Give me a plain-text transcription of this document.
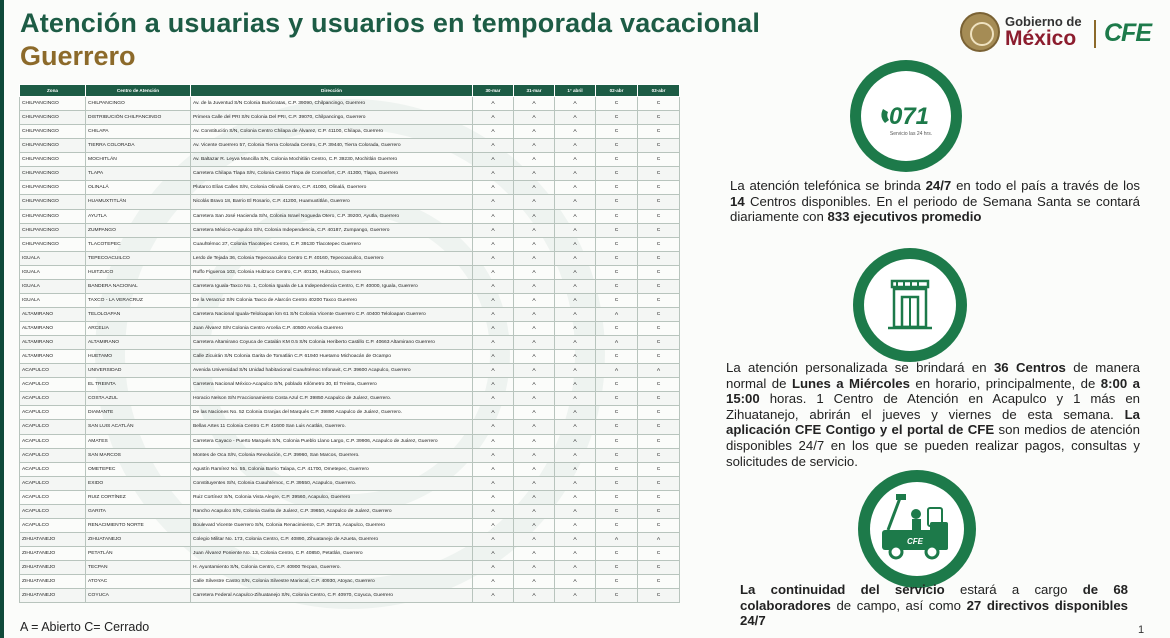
Atención a usuarias y usuarios en temporada vacacional
Guerrero
Gobierno de
México CFE
Zona	Centro de Atención	Dirección	30-mar	31-mar	1° abril	02-abr	03-abr
CHILPANCINGO	CHILPANCINGO	Av. de la Juventud S/N Colonia Burócratas, C.P. 39090, Chilpancingo, Guerrero	A	A	A	C	C
CHILPANCINGO	DISTRIBUCIÓN CHILPANCINGO	Primera Calle del PRI S/N Colonia Del PRI, C.P. 39070, Chilpancingo, Guerrero	A	A	A	C	C
CHILPANCINGO	CHILAPA	Av. Constitución S/N, Colonia Centro Chilapa de Álvarez, C.P. 41100, Chilapa, Guerrero	A	A	A	C	C
CHILPANCINGO	TIERRA COLORADA	Av. Vicente Guerrero 57, Colonia Tierra Colorada Centro, C.P. 39440, Tierra Colorada, Guerrero	A	A	A	C	C
CHILPANCINGO	MOCHITLÁN	Av. Baltazar R. Leyva Mancilla S/N, Colonia Mochitlán Centro, C.P. 39230, Mochitlán Guerrero	A	A	A	C	C
CHILPANCINGO	TLAPA	Carretera Chilapa Tlapa S/N, Colonia Centro Tlapa de Comonfort, C.P. 41300, Tlapa, Guerrero	A	A	A	C	C
CHILPANCINGO	OLINALÁ	Plutarco Elías Calles S/N, Colonia Olinalá Centro, C.P. 41000, Olinalá, Guerrero	A	A	A	C	C
CHILPANCINGO	HUAMUXTITLÁN	Nicolás Bravo 18, Barrio El Rosario, C.P. 41200, Huamuxtitlán, Guerrero	A	A	A	C	C
CHILPANCINGO	AYUTLA	Carretera San José Hacienda S/N, Colonia Israel Nogueda Otero, C.P. 39200, Ayutla, Guerrero	A	A	A	C	C
CHILPANCINGO	ZUMPANGO	Carretera México-Acapulco S/N, Colonia Independencia, C.P. 40187, Zumpango, Guerrero	A	A	A	C	C
CHILPANCINGO	TLACOTEPEC	Cuauhtémoc 27, Colonia Tlacotepec Centro, C.P. 39130 Tlacotepec Guerrero	A	A	A	C	C
IGUALA	TEPECOACUILCO	Lerdo de Tejada 36, Colonia Tepecoacuilco Centro C.P. 40160, Tepecoacuilco, Guerrero	A	A	A	C	C
IGUALA	HUITZUCO	Ruffo Figueroa 103, Colonia Huitzuco Centro, C.P. 40130, Huitzuco, Guerrero	A	A	A	C	C
IGUALA	BANDERA NACIONAL	Carretera Iguala-Taxco No. 1, Colonia Iguala de La Independencia Centro, C.P. 40000, Iguala, Guerrero	A	A	A	C	C
IGUALA	TAXCO - LA VERACRUZ	De la Veracruz S/N Colonia Taxco de Alarcón Centro 40200 Taxco Guerrero	A	A	A	C	C
ALTAMIRANO	TELOLOAPAN	Carretera Nacional Iguala-Teloloapan km 61 S/N Colonia Vicente Guerrero C.P. 40400 Teloloapan Guerrero	A	A	A	A	C
ALTAMIRANO	ARCELIA	Juan Álvarez S/N Colonia Centro Arcelia C.P. 40500 Arcelia Guerrero	A	A	A	C	C
ALTAMIRANO	ALTAMIRANO	Carretera Altamirano Coyuca de Catalán KM 0.5 S/N Colonia Heriberto Castillo C.P. 40663 Altamirano Guerrero	A	A	A	A	C
ALTAMIRANO	HUETAMO	Calle Zicuirán S/N Colonia Garita de Tomatlán C.P. 61940 Huetamo Michoacán de Ocampo	A	A	A	C	C
ACAPULCO	UNIVERSIDAD	Avenida Universidad S/N Unidad habitacional Cuauhtémoc Infonavit, C.P. 39600 Acapulco, Guerrero	A	A	A	A	A
ACAPULCO	EL TREINTA	Carretera Nacional México-Acapulco S/N, poblado Kilómetro 30, El Treinta, Guerrero	A	A	A	C	C
ACAPULCO	COSTA AZUL	Horacio Nelson S/N Fraccionamiento Costa Azul C.P. 39850 Acapulco de Juárez, Guerrero.	A	A	A	C	C
ACAPULCO	DIAMANTE	De las Naciones No. 52 Colonia Granjas del Marqués C.P. 39890 Acapulco de Juárez, Guerrero.	A	A	A	C	C
ACAPULCO	SAN LUIS ACATLÁN	Bellas Artes 11 Colonia Centro C.P. 41600 San Luis Acatlán, Guerrero.	A	A	A	C	C
ACAPULCO	AMATES	Carretera Cayaco - Puerto Marqués S/N, Colonia Pueblo Llano Largo, C.P. 39906, Acapulco de Juárez, Guerrero	A	A	A	C	C
ACAPULCO	SAN MARCOS	Montes de Oca S/N, Colonia Revolución, C.P. 39960, San Marcos, Guerrero.	A	A	A	C	C
ACAPULCO	OMETEPEC	Agustín Ramírez No. 55, Colonia Barrio Talapa, C.P. 41700, Ometepec, Guerrero	A	A	A	C	C
ACAPULCO	EXIDO	Constituyentes S/N, Colonia Cuauhtémoc, C.P. 39550, Acapulco, Guerrero.	A	A	A	C	C
ACAPULCO	RUIZ CORTÍNEZ	Ruiz Cortínez S/N, Colonia Vista Alegre, C.P. 39560, Acapulco, Guerrero	A	A	A	C	C
ACAPULCO	GARITA	Rancho Acapulco S/N, Colonia Garita de Juárez, C.P. 39650, Acapulco de Juárez, Guerrero	A	A	A	C	C
ACAPULCO	RENACIMIENTO NORTE	Boulevard Vicente Guerrero S/N, Colonia Renacimiento, C.P. 39715, Acapulco, Guerrero	A	A	A	C	C
ZIHUATANEJO	ZIHUATANEJO	Colegio Militar No. 173, Colonia Centro, C.P. 40890, Zihuatanejo de Azueta, Guerrero	A	A	A	A	A
ZIHUATANEJO	PETATLÁN	Juan Álvarez Poniente No. 13, Colonia Centro, C.P. 40850, Petatlán, Guerrero	A	A	A	C	C
ZIHUATANEJO	TECPAN	H. Ayuntamiento S/N, Colonia Centro, C.P. 40900 Tecpan, Guerrero.	A	A	A	C	C
ZIHUATANEJO	ATOYAC	Calle Silvestre Castro S/N, Colonia Silvestre Mariscal, C.P. 40930, Atoyac, Guerrero	A	A	A	C	C
ZIHUATANEJO	COYUCA	Carretera Federal Acapulco-Zihuatanejo S/N, Colonia Centro, C.P. 40970, Coyuca, Guerrero	A	A	A	C	C
A = Abierto C= Cerrado
071
Servicio las 24 hrs.
La atención telefónica se brinda 24/7 en todo el país a través de los 14 Centros disponibles. En el periodo de Semana Santa se contará diariamente con 833 ejecutivos promedio
La atención personalizada se brindará en 36 Centros de manera normal de Lunes a Miércoles en horario, principalmente, de 8:00 a 15:00 horas. 1 Centro de Atención en Acapulco y 1 más en Zihuatanejo, abrirán el jueves y viernes de esta semana. La aplicación CFE Contigo y el portal de CFE son medios de atención disponibles 24/7 en los que se pueden realizar pagos, consultas y solicitudes de servicio.
CFE
La continuidad del servicio estará a cargo de 68 colaboradores de campo, así como 27 directivos disponibles 24/7
1
